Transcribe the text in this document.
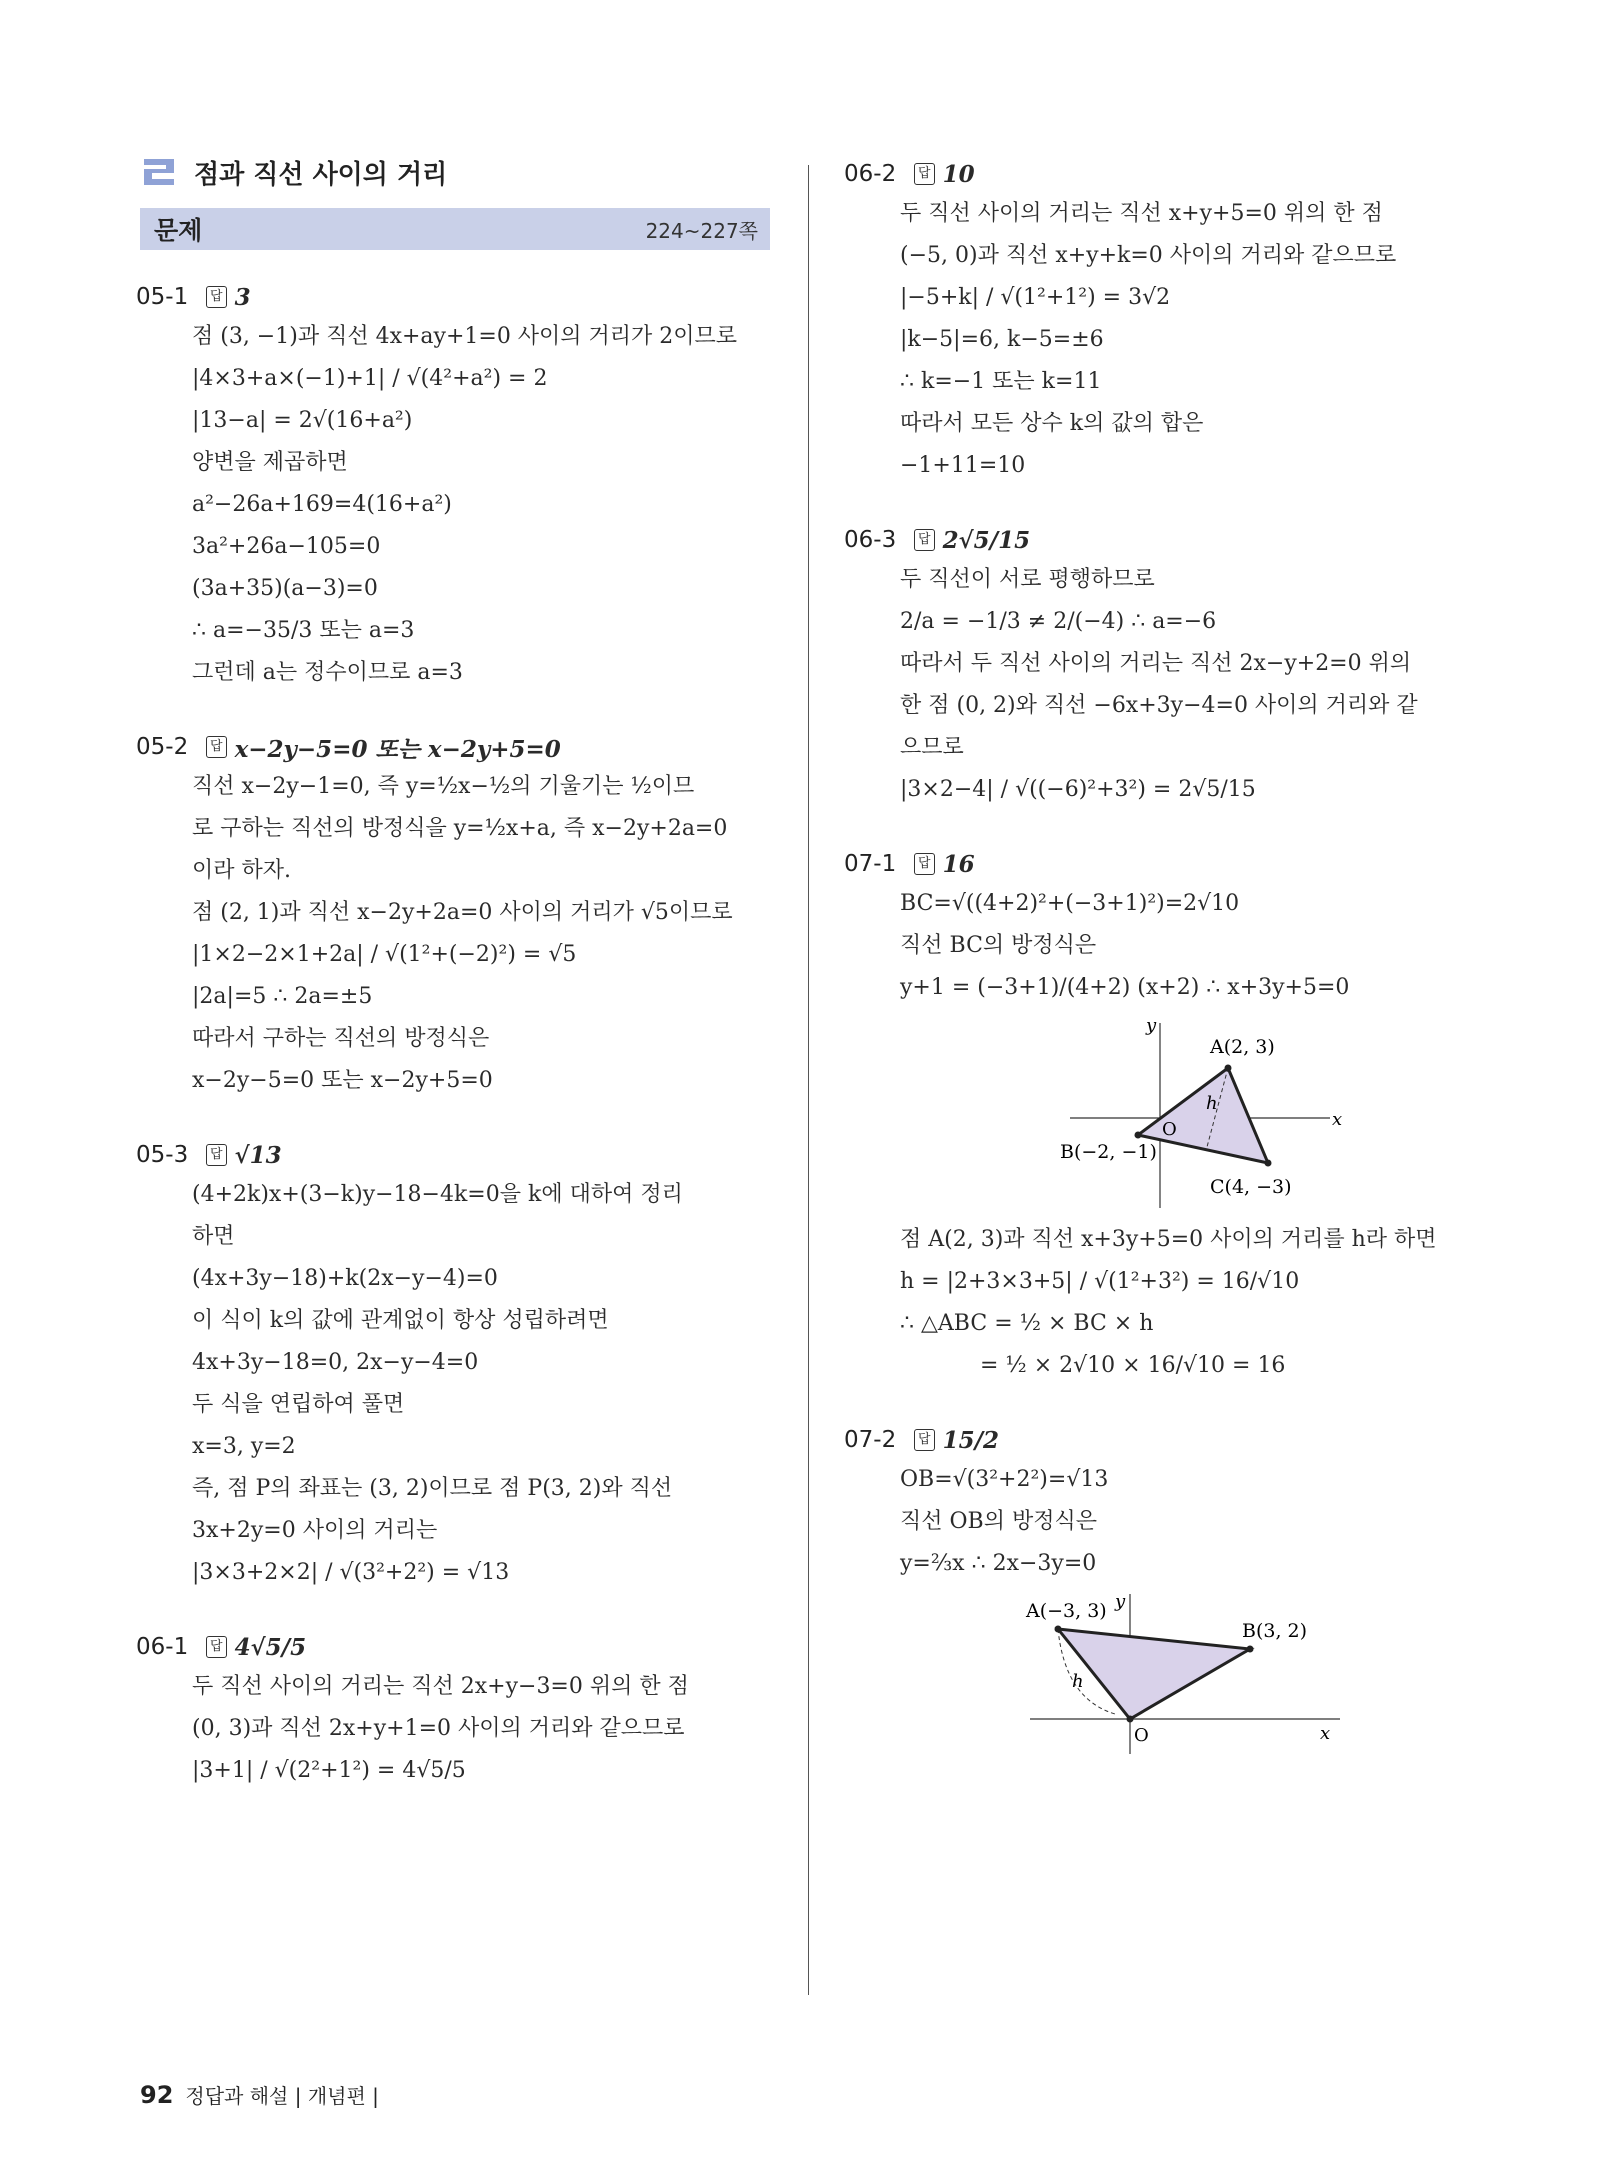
점과 직선 사이의 거리
문제	224~227쪽
05-1	답 3
점 (3, −1)과 직선 4x+ay+1=0 사이의 거리가 2이므로
|4×3+a×(−1)+1| / √(4²+a²) = 2
|13−a| = 2√(16+a²)
양변을 제곱하면
a²−26a+169=4(16+a²)
3a²+26a−105=0
(3a+35)(a−3)=0
∴ a=−35/3 또는 a=3
그런데 a는 정수이므로 a=3
05-2	답 x−2y−5=0 또는 x−2y+5=0
직선 x−2y−1=0, 즉 y=½x−½의 기울기는 ½이므
로 구하는 직선의 방정식을 y=½x+a, 즉 x−2y+2a=0
이라 하자.
점 (2, 1)과 직선 x−2y+2a=0 사이의 거리가 √5이므로
|1×2−2×1+2a| / √(1²+(−2)²) = √5
|2a|=5 ∴ 2a=±5
따라서 구하는 직선의 방정식은
x−2y−5=0 또는 x−2y+5=0
05-3	답 √13
(4+2k)x+(3−k)y−18−4k=0을 k에 대하여 정리
하면
(4x+3y−18)+k(2x−y−4)=0
이 식이 k의 값에 관계없이 항상 성립하려면
4x+3y−18=0, 2x−y−4=0
두 식을 연립하여 풀면
x=3, y=2
즉, 점 P의 좌표는 (3, 2)이므로 점 P(3, 2)와 직선
3x+2y=0 사이의 거리는
|3×3+2×2| / √(3²+2²) = √13
06-1	답 4√5/5
두 직선 사이의 거리는 직선 2x+y−3=0 위의 한 점
(0, 3)과 직선 2x+y+1=0 사이의 거리와 같으므로
|3+1| / √(2²+1²) = 4√5/5
06-2	답 10
두 직선 사이의 거리는 직선 x+y+5=0 위의 한 점
(−5, 0)과 직선 x+y+k=0 사이의 거리와 같으므로
|−5+k| / √(1²+1²) = 3√2
|k−5|=6, k−5=±6
∴ k=−1 또는 k=11
따라서 모든 상수 k의 값의 합은
−1+11=10
06-3	답 2√5/15
두 직선이 서로 평행하므로
2/a = −1/3 ≠ 2/(−4) ∴ a=−6
따라서 두 직선 사이의 거리는 직선 2x−y+2=0 위의
한 점 (0, 2)와 직선 −6x+3y−4=0 사이의 거리와 같
으므로
|3×2−4| / √((−6)²+3²) = 2√5/15
07-1	답 16
BC=√((4+2)²+(−3+1)²)=2√10
직선 BC의 방정식은
y+1 = (−3+1)/(4+2) (x+2) ∴ x+3y+5=0
A(2, 3)
B(−2, −1)
C(4, −3)
O
h
x
y
점 A(2, 3)과 직선 x+3y+5=0 사이의 거리를 h라 하면
h = |2+3×3+5| / √(1²+3²) = 16/√10
∴ △ABC = ½ × BC × h
= ½ × 2√10 × 16/√10 = 16
07-2	답 15/2
OB=√(3²+2²)=√13
직선 OB의 방정식은
y=⅔x ∴ 2x−3y=0
A(−3, 3)
B(3, 2)
O
h
x
y
92 정답과 해설 | 개념편 |
